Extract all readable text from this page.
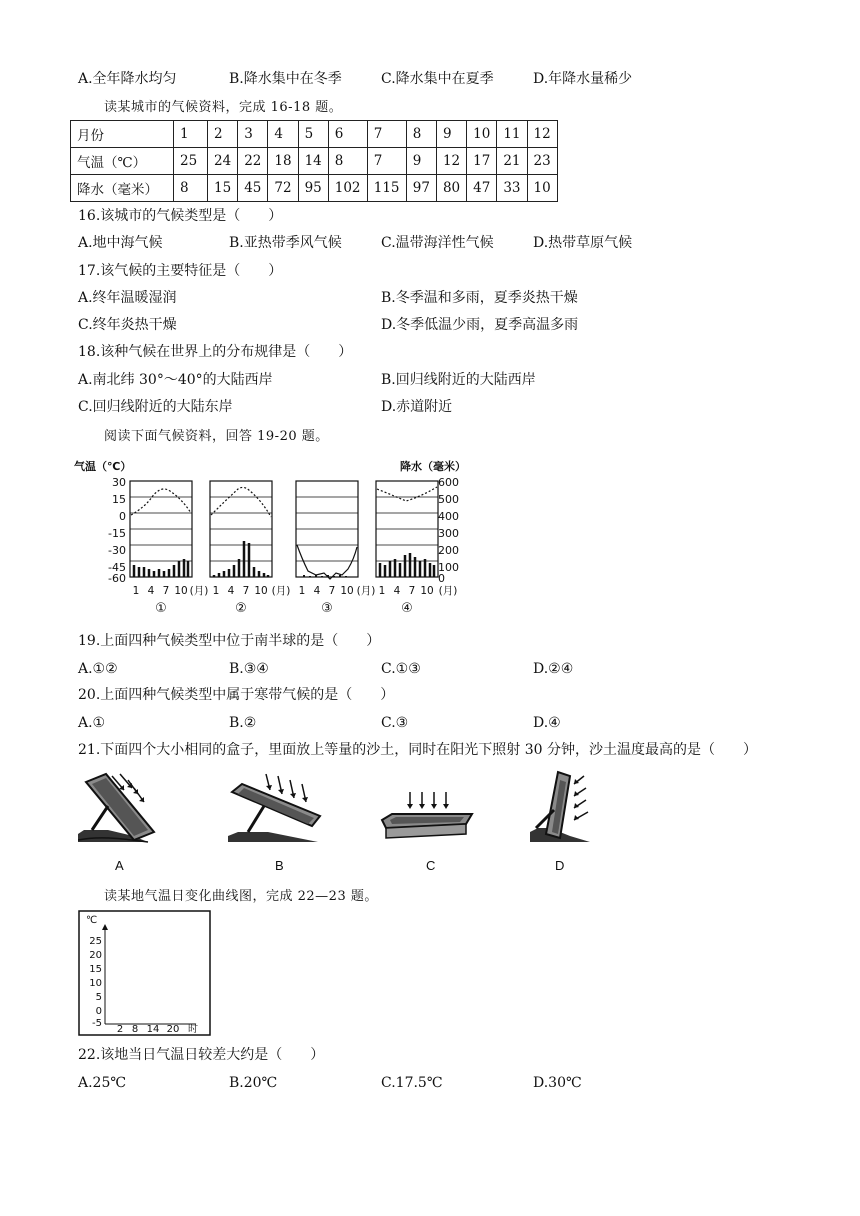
A.全年降水均匀	B.降水集中在冬季	C.降水集中在夏季	D.年降水量稀少
读某城市的气候资料，完成 16-18 题。
月份	1	2	3	4	5	6	7	8	9	10	11	12
气温（℃）	25	24	22	18	14	8	7	9	12	17	21	23
降水（毫米）	8	15	45	72	95	102	115	97	80	47	33	10
16.该城市的气候类型是（　　）
A.地中海气候	B.亚热带季风气候	C.温带海洋性气候	D.热带草原气候
17.该气候的主要特征是（　　）
A.终年温暖湿润	B.冬季温和多雨，夏季炎热干燥
C.终年炎热干燥	D.冬季低温少雨，夏季高温多雨
18.该种气候在世界上的分布规律是（　　）
A.南北纬 30°～40°的大陆西岸	B.回归线附近的大陆西岸
C.回归线附近的大陆东岸	D.赤道附近
阅读下面气候资料，回答 19-20 题。
气温（℃）	降水（毫米）
30
15
0
-15
-30
-45
-60
600
500
400
300
200
100
0
1 4 7 10 (月) 1 4 7 10 (月) 1 4 7 10 (月) 1 4 7 10 (月)
①	②	③	④
19.上面四种气候类型中位于南半球的是（　　）
A.①②	B.③④	C.①③	D.②④
20.上面四种气候类型中属于寒带气候的是（　　）
A.①	B.②	C.③	D.④
21.下面四个大小相同的盒子，里面放上等量的沙土，同时在阳光下照射 30 分钟，沙土温度最高的是（　　）
A	B	C	D
读某地气温日变化曲线图，完成 22—23 题。
℃
25
20
15
10
5
0
-5
2 8 14 20 时
22.该地当日气温日较差大约是（　　）
A.25℃	B.20℃	C.17.5℃	D.30℃
